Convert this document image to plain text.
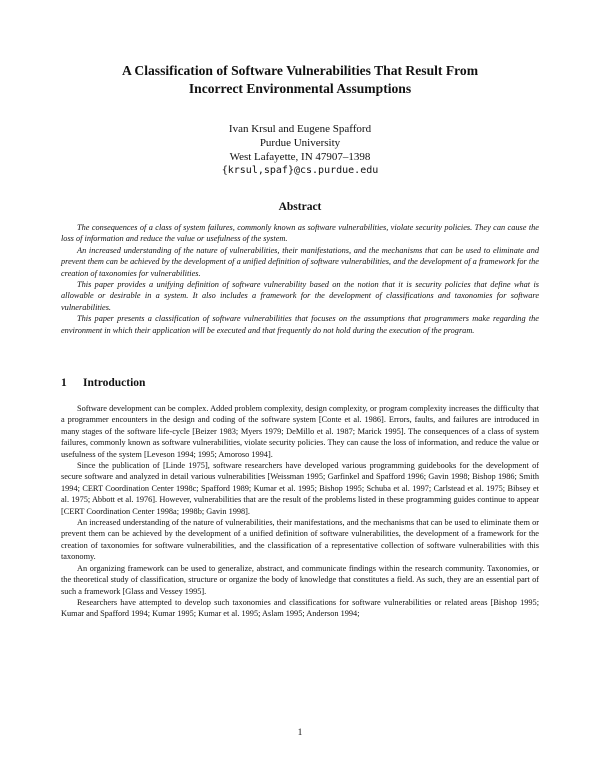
A Classification of Software Vulnerabilities That Result From
Incorrect Environmental Assumptions
Ivan Krsul and Eugene Spafford
Purdue University
West Lafayette, IN 47907–1398
{krsul,spaf}@cs.purdue.edu
Abstract

The consequences of a class of system failures, commonly known as software vulnerabilities, violate security policies. They can cause the loss of information and reduce the value or usefulness of the system.

An increased understanding of the nature of vulnerabilities, their manifestations, and the mechanisms that can be used to eliminate and prevent them can be achieved by the development of a unified definition of software vulnerabilities, and the development of a framework for the creation of taxonomies for vulnerabilities.

This paper provides a unifying definition of software vulnerability based on the notion that it is security policies that define what is allowable or desirable in a system. It also includes a framework for the development of classifications and taxonomies for software vulnerabilities.

This paper presents a classification of software vulnerabilities that focuses on the assumptions that programmers make regarding the environment in which their application will be executed and that frequently do not hold during the execution of the program.

1 Introduction

Software development can be complex. Added problem complexity, design complexity, or program complexity increases the difficulty that a programmer encounters in the design and coding of the software system [Conte et al. 1986]. Errors, faults, and failures are introduced in many stages of the software life-cycle [Beizer 1983; Myers 1979; DeMillo et al. 1987; Marick 1995]. The consequences of a class of system failures, commonly known as software vulnerabilities, violate security policies. They can cause the loss of information, and reduce the value or usefulness of the system [Leveson 1994; 1995; Amoroso 1994].

Since the publication of [Linde 1975], software researchers have developed various programming guidebooks for the development of secure software and analyzed in detail various vulnerabilities [Weissman 1995; Garfinkel and Spafford 1996; Gavin 1998; Bishop 1986; Smith 1994; CERT Coordination Center 1998c; Spafford 1989; Kumar et al. 1995; Bishop 1995; Schuba et al. 1997; Carlstead et al. 1975; Bibsey et al. 1975; Abbott et al. 1976]. However, vulnerabilities that are the result of the problems listed in these programming guides continue to appear [CERT Coordination Center 1998a; 1998b; Gavin 1998].

An increased understanding of the nature of vulnerabilities, their manifestations, and the mechanisms that can be used to eliminate them or prevent them can be achieved by the development of a unified definition of software vulnerabilities, the development of a framework for the creation of taxonomies for software vulnerabilities, and the classification of a representative collection of software vulnerabilities with this taxonomy.

An organizing framework can be used to generalize, abstract, and communicate findings within the research community. Taxonomies, or the theoretical study of classification, structure or organize the body of knowledge that constitutes a field. As such, they are an essential part of such a framework [Glass and Vessey 1995].

Researchers have attempted to develop such taxonomies and classifications for software vulnerabilities or related areas [Bishop 1995; Kumar and Spafford 1994; Kumar 1995; Kumar et al. 1995; Aslam 1995; Anderson 1994;

1
